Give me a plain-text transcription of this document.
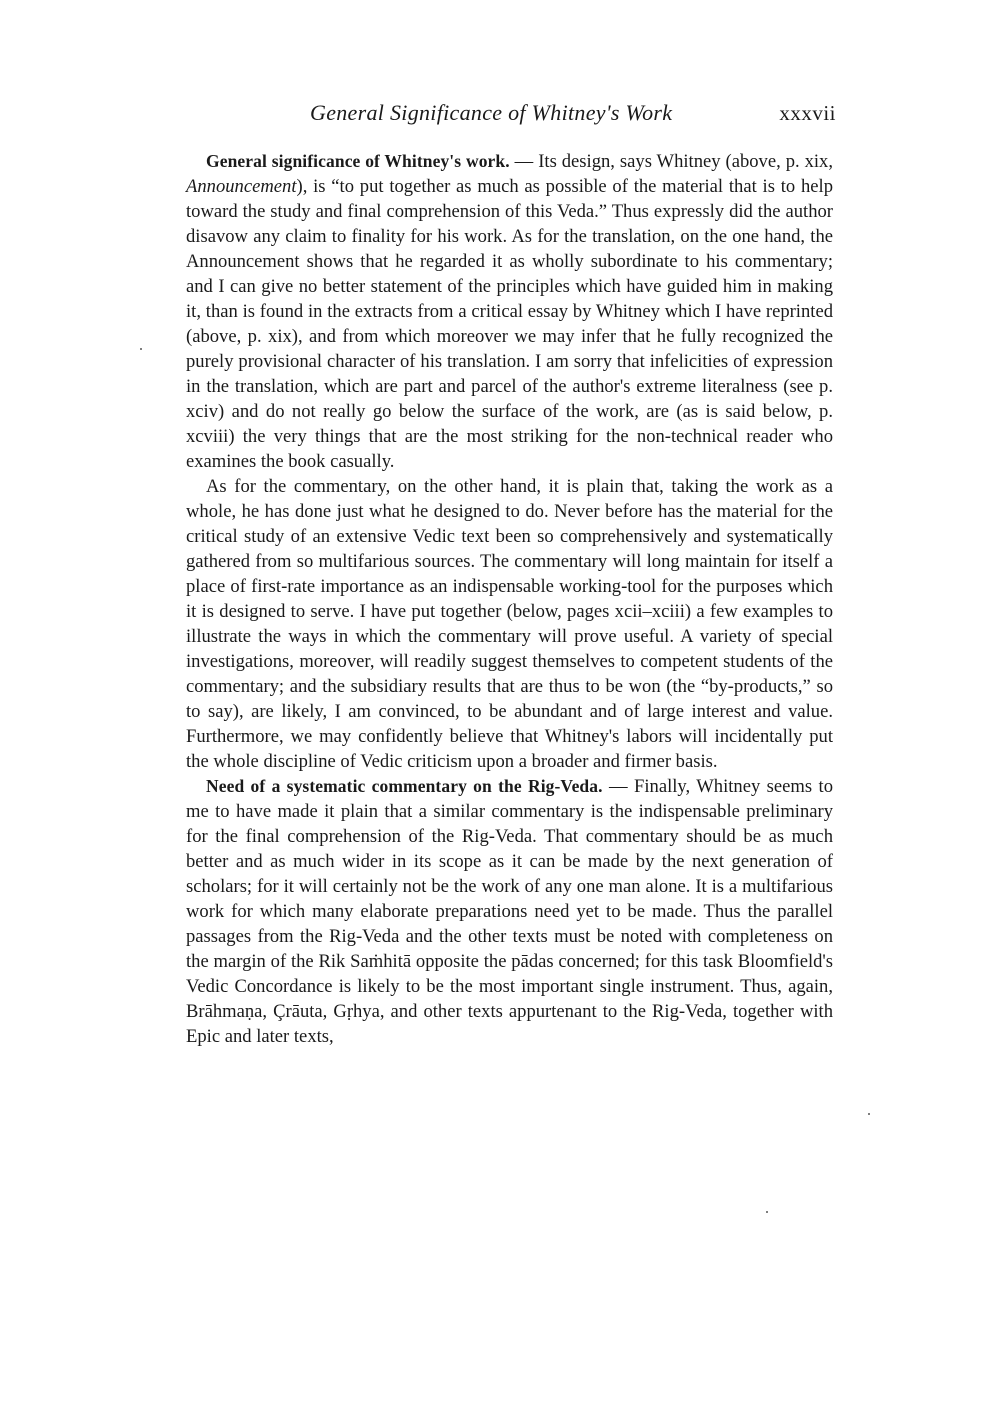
General Significance of Whitney's Work	xxxvii

General significance of Whitney's work. — Its design, says Whitney (above, p. xix, Announcement), is “to put together as much as possible of the material that is to help toward the study and final comprehension of this Veda.” Thus expressly did the author disavow any claim to finality for his work. As for the translation, on the one hand, the Announcement shows that he regarded it as wholly subordinate to his commentary; and I can give no better statement of the principles which have guided him in making it, than is found in the extracts from a critical essay by Whitney which I have reprinted (above, p. xix), and from which moreover we may infer that he fully recognized the purely provisional character of his translation. I am sorry that infelicities of expression in the translation, which are part and parcel of the author's extreme literalness (see p. xciv) and do not really go below the surface of the work, are (as is said below, p. xcviii) the very things that are the most striking for the non-technical reader who examines the book casually.

As for the commentary, on the other hand, it is plain that, taking the work as a whole, he has done just what he designed to do. Never before has the material for the critical study of an extensive Vedic text been so comprehensively and systematically gathered from so multifarious sources. The commentary will long maintain for itself a place of first-rate importance as an indispensable working-tool for the purposes which it is designed to serve. I have put together (below, pages xcii–xciii) a few examples to illustrate the ways in which the commentary will prove useful. A variety of special investigations, moreover, will readily suggest themselves to competent students of the commentary; and the subsidiary results that are thus to be won (the “by-products,” so to say), are likely, I am convinced, to be abundant and of large interest and value. Furthermore, we may confidently believe that Whitney's labors will incidentally put the whole discipline of Vedic criticism upon a broader and firmer basis.

Need of a systematic commentary on the Rig-Veda. — Finally, Whitney seems to me to have made it plain that a similar commentary is the indispensable preliminary for the final comprehension of the Rig-Veda. That commentary should be as much better and as much wider in its scope as it can be made by the next generation of scholars; for it will certainly not be the work of any one man alone. It is a multifarious work for which many elaborate preparations need yet to be made. Thus the parallel passages from the Rig-Veda and the other texts must be noted with completeness on the margin of the Rik Saṁhitā opposite the pādas concerned; for this task Bloomfield's Vedic Concordance is likely to be the most important single instrument. Thus, again, Brāhmaṇa, Çrāuta, Gṛhya, and other texts appurtenant to the Rig-Veda, together with Epic and later texts,
